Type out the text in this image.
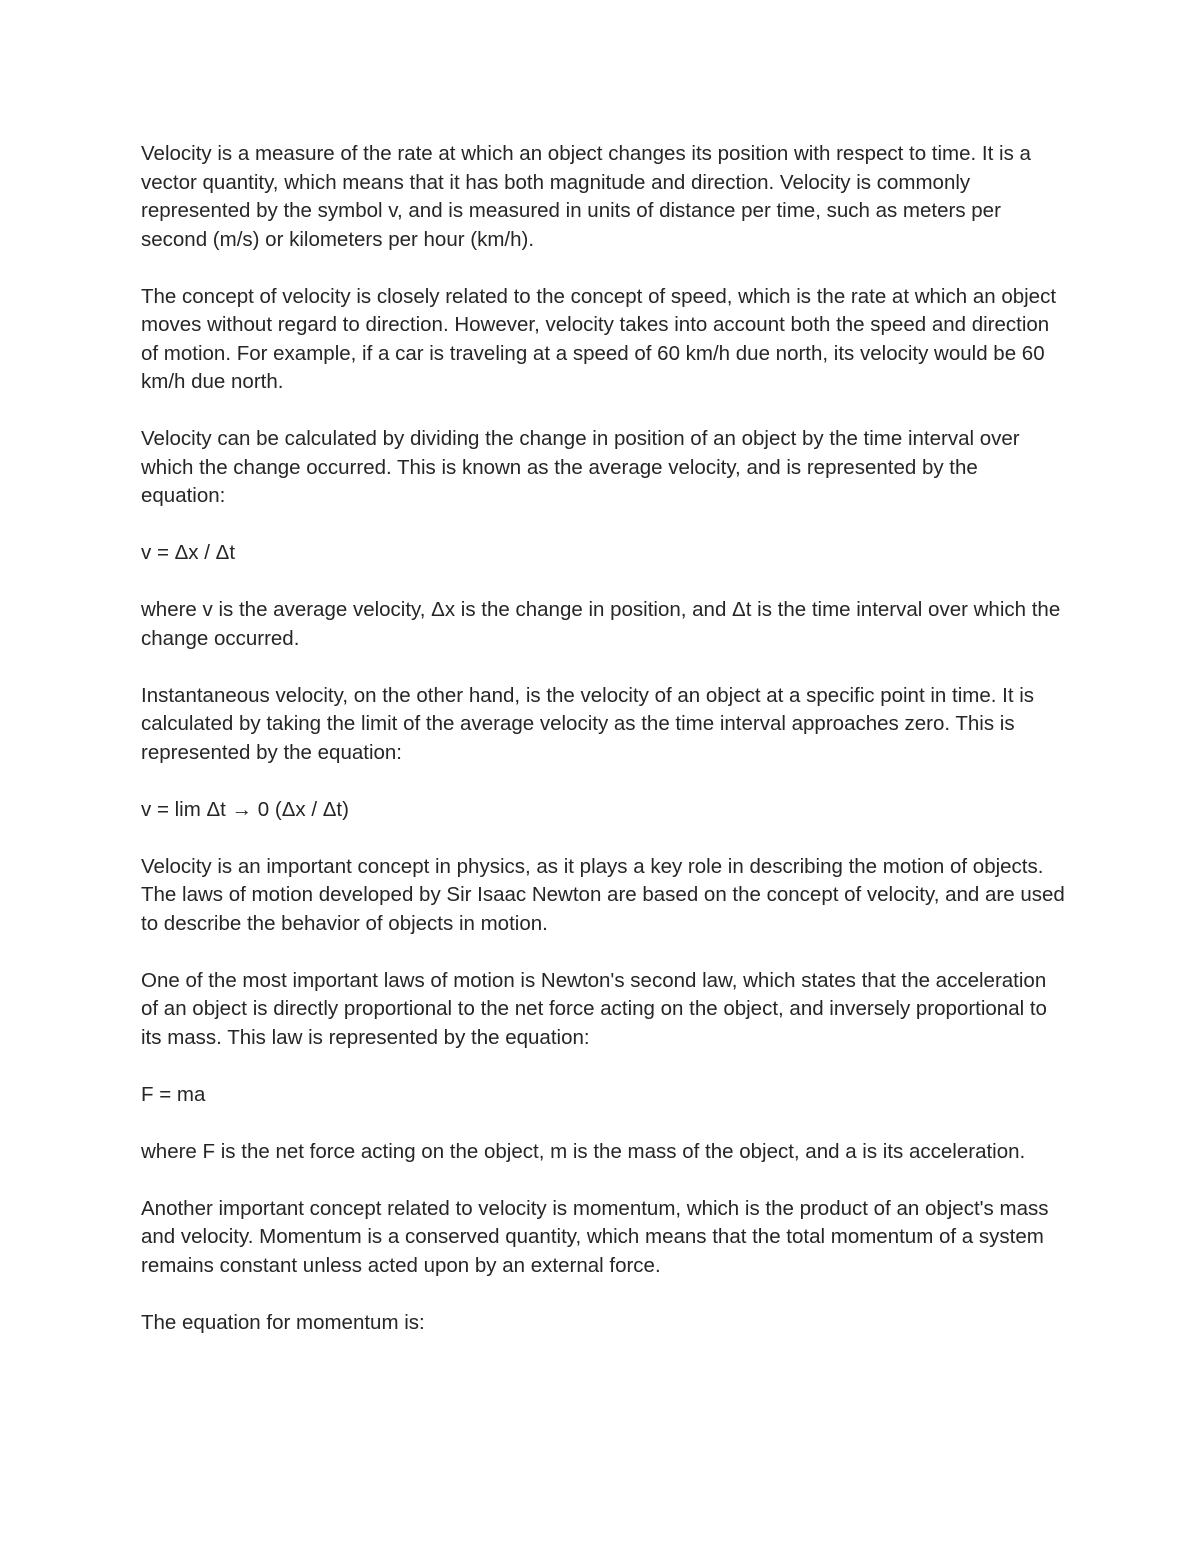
Velocity is a measure of the rate at which an object changes its position with respect to time. It is a vector quantity, which means that it has both magnitude and direction. Velocity is commonly represented by the symbol v, and is measured in units of distance per time, such as meters per second (m/s) or kilometers per hour (km/h).

The concept of velocity is closely related to the concept of speed, which is the rate at which an object moves without regard to direction. However, velocity takes into account both the speed and direction of motion. For example, if a car is traveling at a speed of 60 km/h due north, its velocity would be 60 km/h due north.

Velocity can be calculated by dividing the change in position of an object by the time interval over which the change occurred. This is known as the average velocity, and is represented by the equation:

v = Δx / Δt

where v is the average velocity, Δx is the change in position, and Δt is the time interval over which the change occurred.

Instantaneous velocity, on the other hand, is the velocity of an object at a specific point in time. It is calculated by taking the limit of the average velocity as the time interval approaches zero. This is represented by the equation:

v = lim Δt → 0 (Δx / Δt)

Velocity is an important concept in physics, as it plays a key role in describing the motion of objects. The laws of motion developed by Sir Isaac Newton are based on the concept of velocity, and are used to describe the behavior of objects in motion.

One of the most important laws of motion is Newton's second law, which states that the acceleration of an object is directly proportional to the net force acting on the object, and inversely proportional to its mass. This law is represented by the equation:

F = ma

where F is the net force acting on the object, m is the mass of the object, and a is its acceleration.

Another important concept related to velocity is momentum, which is the product of an object's mass and velocity. Momentum is a conserved quantity, which means that the total momentum of a system remains constant unless acted upon by an external force.

The equation for momentum is:
